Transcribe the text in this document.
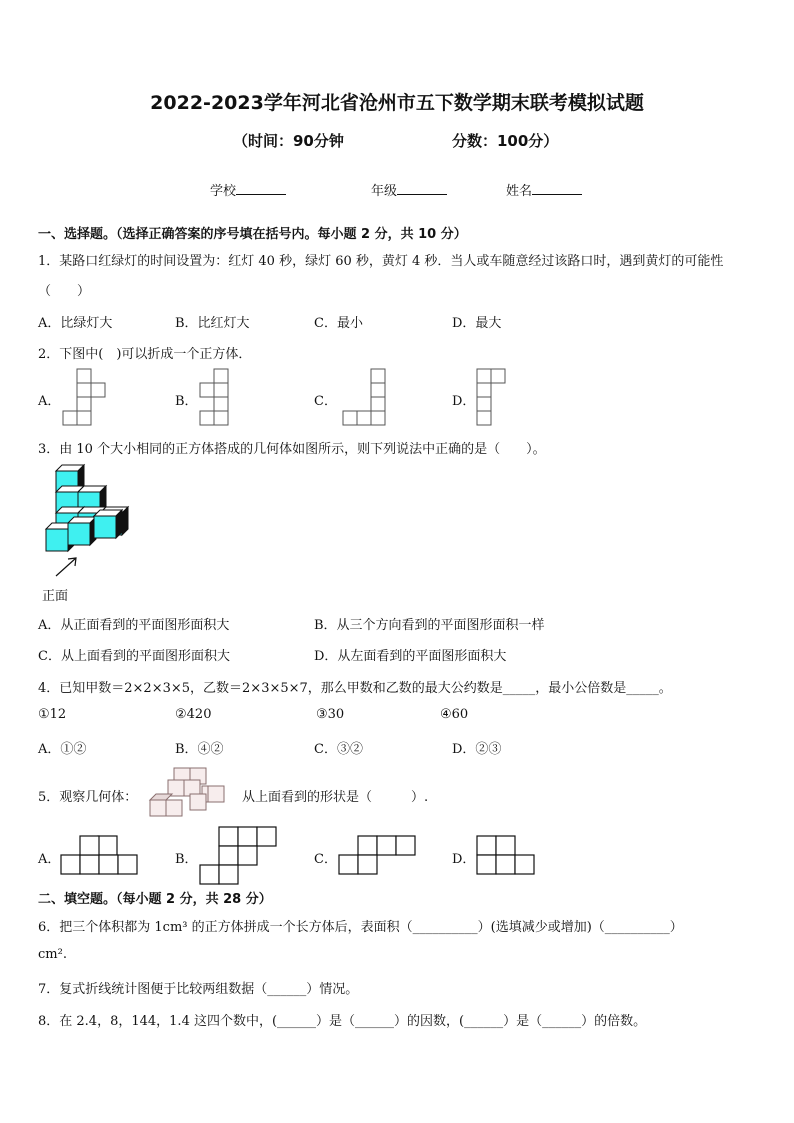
2022-2023学年河北省沧州市五下数学期末联考模拟试题
（时间：90分钟	分数：100分）
学校	年级	姓名
一、选择题。（选择正确答案的序号填在括号内。每小题 2 分，共 10 分）
1．某路口红绿灯的时间设置为：红灯 40 秒，绿灯 60 秒，黄灯 4 秒．当人或车随意经过该路口时，遇到黄灯的可能性
（　　）
A．比绿灯大	B．比红灯大	C．最小	D．最大
2．下图中(　)可以折成一个正方体．
A．	B．	C．	D．
3．由 10 个大小相同的正方体搭成的几何体如图所示，则下列说法中正确的是（　　）。
正面
A．从正面看到的平面图形面积大	B．从三个方向看到的平面图形面积一样
C．从上面看到的平面图形面积大	D．从左面看到的平面图形面积大
4．已知甲数＝2×2×3×5，乙数＝2×3×5×7，那么甲数和乙数的最大公约数是_____，最小公倍数是_____。
①12	②420	③30	④60
A．①②	B．④②	C．③②	D．②③
5．观察几何体：	从上面看到的形状是（　　　）.
A．	B．	C．	D．
二、填空题。（每小题 2 分，共 28 分）
6．把三个体积都为 1cm³ 的正方体拼成一个长方体后，表面积（__________）(选填减少或增加)（__________）
cm².
7．复式折线统计图便于比较两组数据（______）情况。
8．在 2.4，8，144，1.4 这四个数中，(______）是（______）的因数，(______）是（______）的倍数。
